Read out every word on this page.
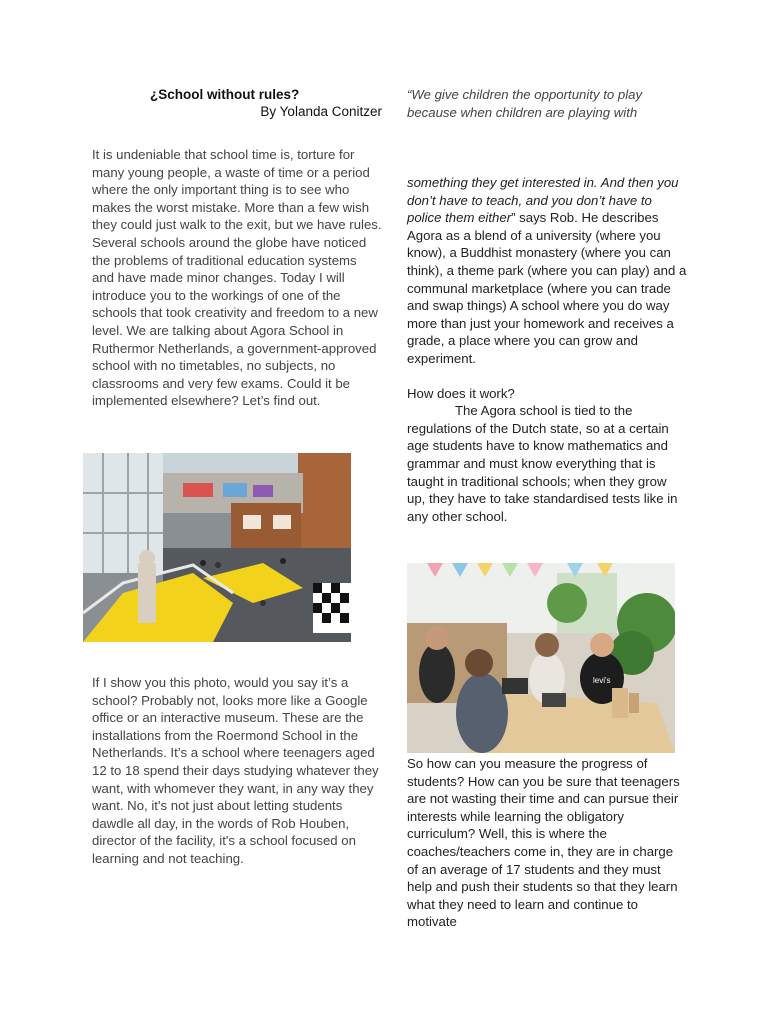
¿School without rules?
By Yolanda Conitzer

It is undeniable that school time is, torture for many young people, a waste of time or a period where the only important thing is to see who makes the worst mistake. More than a few wish they could just walk to the exit, but we have rules. Several schools around the globe have noticed the problems of traditional education systems and have made minor changes. Today I will introduce you to the workings of one of the schools that took creativity and freedom to a new level. We are talking about Agora School in Ruthermor Netherlands, a government-approved school with no timetables, no subjects, no classrooms and very few exams. Could it be implemented elsewhere? Let’s find out.

If I show you this photo, would you say it’s a school? Probably not, looks more like a Google office or an interactive museum. These are the installations from the Roermond School in the Netherlands. It’s a school where teenagers aged 12 to 18 spend their days studying whatever they want, with whomever they want, in any way they want. No, it's not just about letting students dawdle all day, in the words of Rob Houben, director of the facility, it's a school focused on learning and not teaching.

“We give children the opportunity to play because when children are playing with

something they get interested in. And then you don’t have to teach, and you don’t have to police them either” says Rob. He describes Agora as a blend of a university (where you know), a Buddhist monastery (where you can think), a theme park (where you can play) and a communal marketplace (where you can trade and swap things) A school where you do way more than just your homework and receives a grade, a place where you can grow and experiment.

How does it work?

The Agora school is tied to the regulations of the Dutch state, so at a certain age students have to know mathematics and grammar and must know everything that is taught in traditional schools; when they grow up, they have to take standardised tests like in any other school.

levi's

So how can you measure the progress of students? How can you be sure that teenagers are not wasting their time and can pursue their interests while learning the obligatory curriculum? Well, this is where the coaches/teachers come in, they are in charge of an average of 17 students and they must help and push their students so that they learn what they need to learn and continue to motivate
